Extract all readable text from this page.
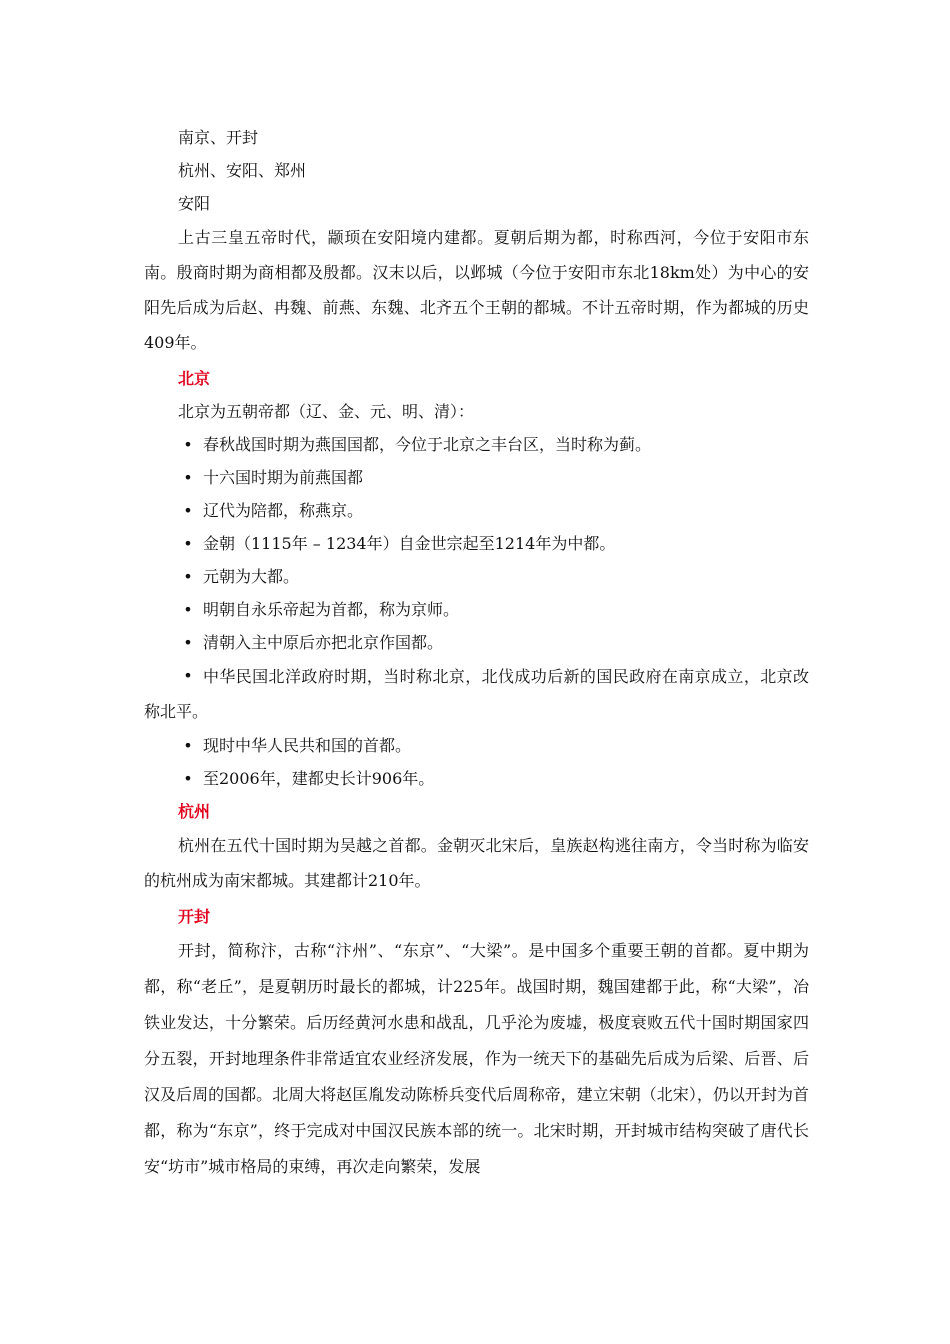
南京、开封

杭州、安阳、郑州

安阳

上古三皇五帝时代，颛顼在安阳境内建都。夏朝后期为都，时称西河，今位于安阳市东南。殷商时期为商相都及殷都。汉末以后，以邺城（今位于安阳市东北18km处）为中心的安阳先后成为后赵、冉魏、前燕、东魏、北齐五个王朝的都城。不计五帝时期，作为都城的历史409年。

北京

北京为五朝帝都（辽、金、元、明、清）：

• 春秋战国时期为燕国国都，今位于北京之丰台区，当时称为蓟。
• 十六国时期为前燕国都
• 辽代为陪都，称燕京。
• 金朝（1115年 – 1234年）自金世宗起至1214年为中都。
• 元朝为大都。
• 明朝自永乐帝起为首都，称为京师。
• 清朝入主中原后亦把北京作国都。
• 中华民国北洋政府时期，当时称北京，北伐成功后新的国民政府在南京成立，北京改称北平。

• 现时中华人民共和国的首都。
• 至2006年，建都史长计906年。
杭州

杭州在五代十国时期为吴越之首都。金朝灭北宋后，皇族赵构逃往南方，令当时称为临安的杭州成为南宋都城。其建都计210年。

开封

开封，简称汴，古称“汴州”、“东京”、“大梁”。是中国多个重要王朝的首都。夏中期为都，称“老丘”，是夏朝历时最长的都城，计225年。战国时期，魏国建都于此，称“大梁”，冶铁业发达，十分繁荣。后历经黄河水患和战乱，几乎沦为废墟，极度衰败五代十国时期国家四分五裂，开封地理条件非常适宜农业经济发展，作为一统天下的基础先后成为后梁、后晋、后汉及后周的国都。北周大将赵匡胤发动陈桥兵变代后周称帝，建立宋朝（北宋），仍以开封为首都，称为“东京”，终于完成对中国汉民族本部的统一。北宋时期，开封城市结构突破了唐代长安“坊市”城市格局的束缚，再次走向繁荣，发展
